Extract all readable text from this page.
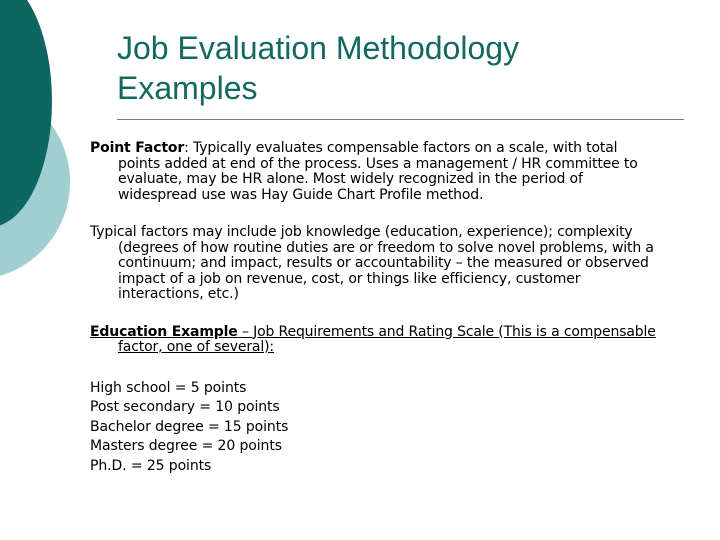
Job Evaluation Methodology
Examples

Point Factor: Typically evaluates compensable factors on a scale, with total points added at end of the process. Uses a management / HR committee to evaluate, may be HR alone. Most widely recognized in the period of widespread use was Hay Guide Chart Profile method.

Typical factors may include job knowledge (education, experience); complexity (degrees of how routine duties are or freedom to solve novel problems, with a continuum; and impact, results or accountability – the measured or observed impact of a job on revenue, cost, or things like efficiency, customer interactions, etc.)

Education Example – Job Requirements and Rating Scale (This is a compensable factor, one of several):

High school = 5 points
Post secondary = 10 points
Bachelor degree = 15 points
Masters degree = 20 points
Ph.D. = 25 points
